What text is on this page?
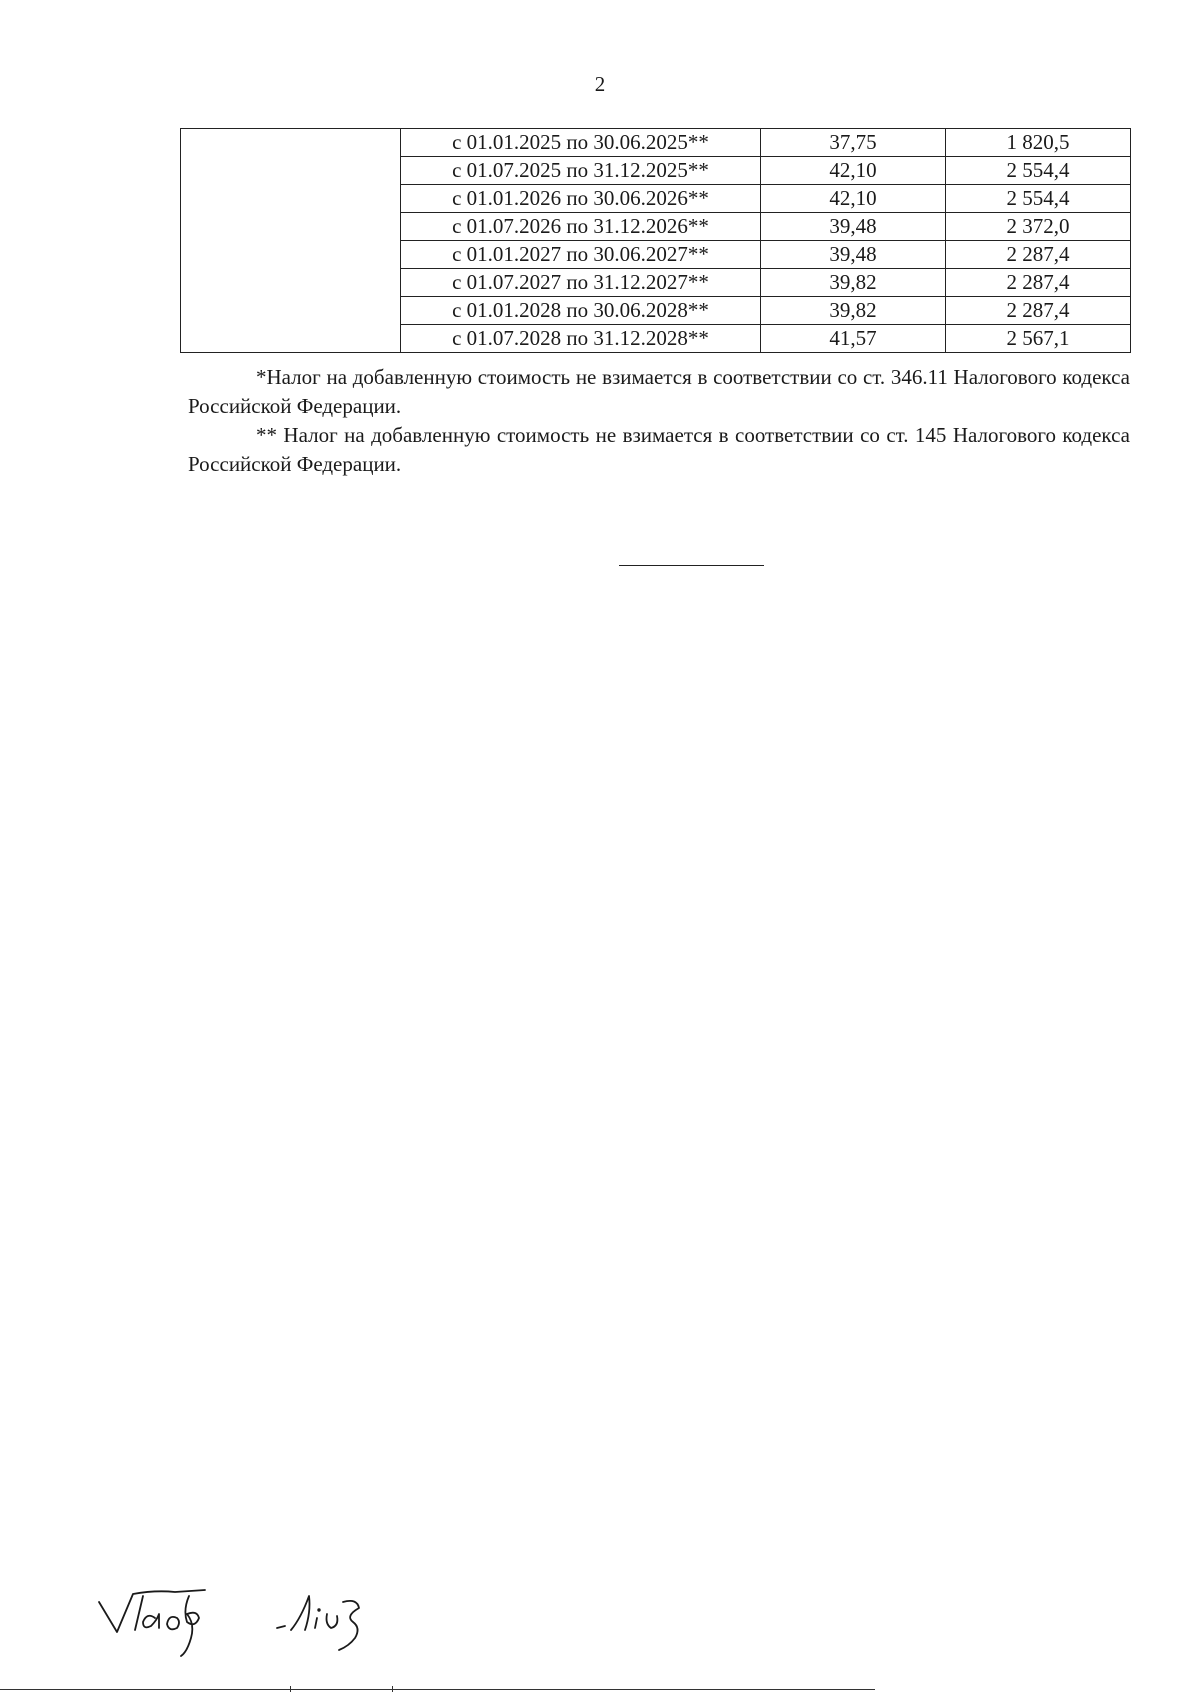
2
	с 01.01.2025 по 30.06.2025**	37,75	1 820,5
	с 01.07.2025 по 31.12.2025**	42,10	2 554,4
	с 01.01.2026 по 30.06.2026**	42,10	2 554,4
	с 01.07.2026 по 31.12.2026**	39,48	2 372,0
	с 01.01.2027 по 30.06.2027**	39,48	2 287,4
	с 01.07.2027 по 31.12.2027**	39,82	2 287,4
	с 01.01.2028 по 30.06.2028**	39,82	2 287,4
	с 01.07.2028 по 31.12.2028**	41,57	2 567,1

*Налог на добавленную стоимость не взимается в соответствии со ст. 346.11 Налогового кодекса Российской Федерации.

** Налог на добавленную стоимость не взимается в соответствии со ст. 145 Налогового кодекса Российской Федерации.
